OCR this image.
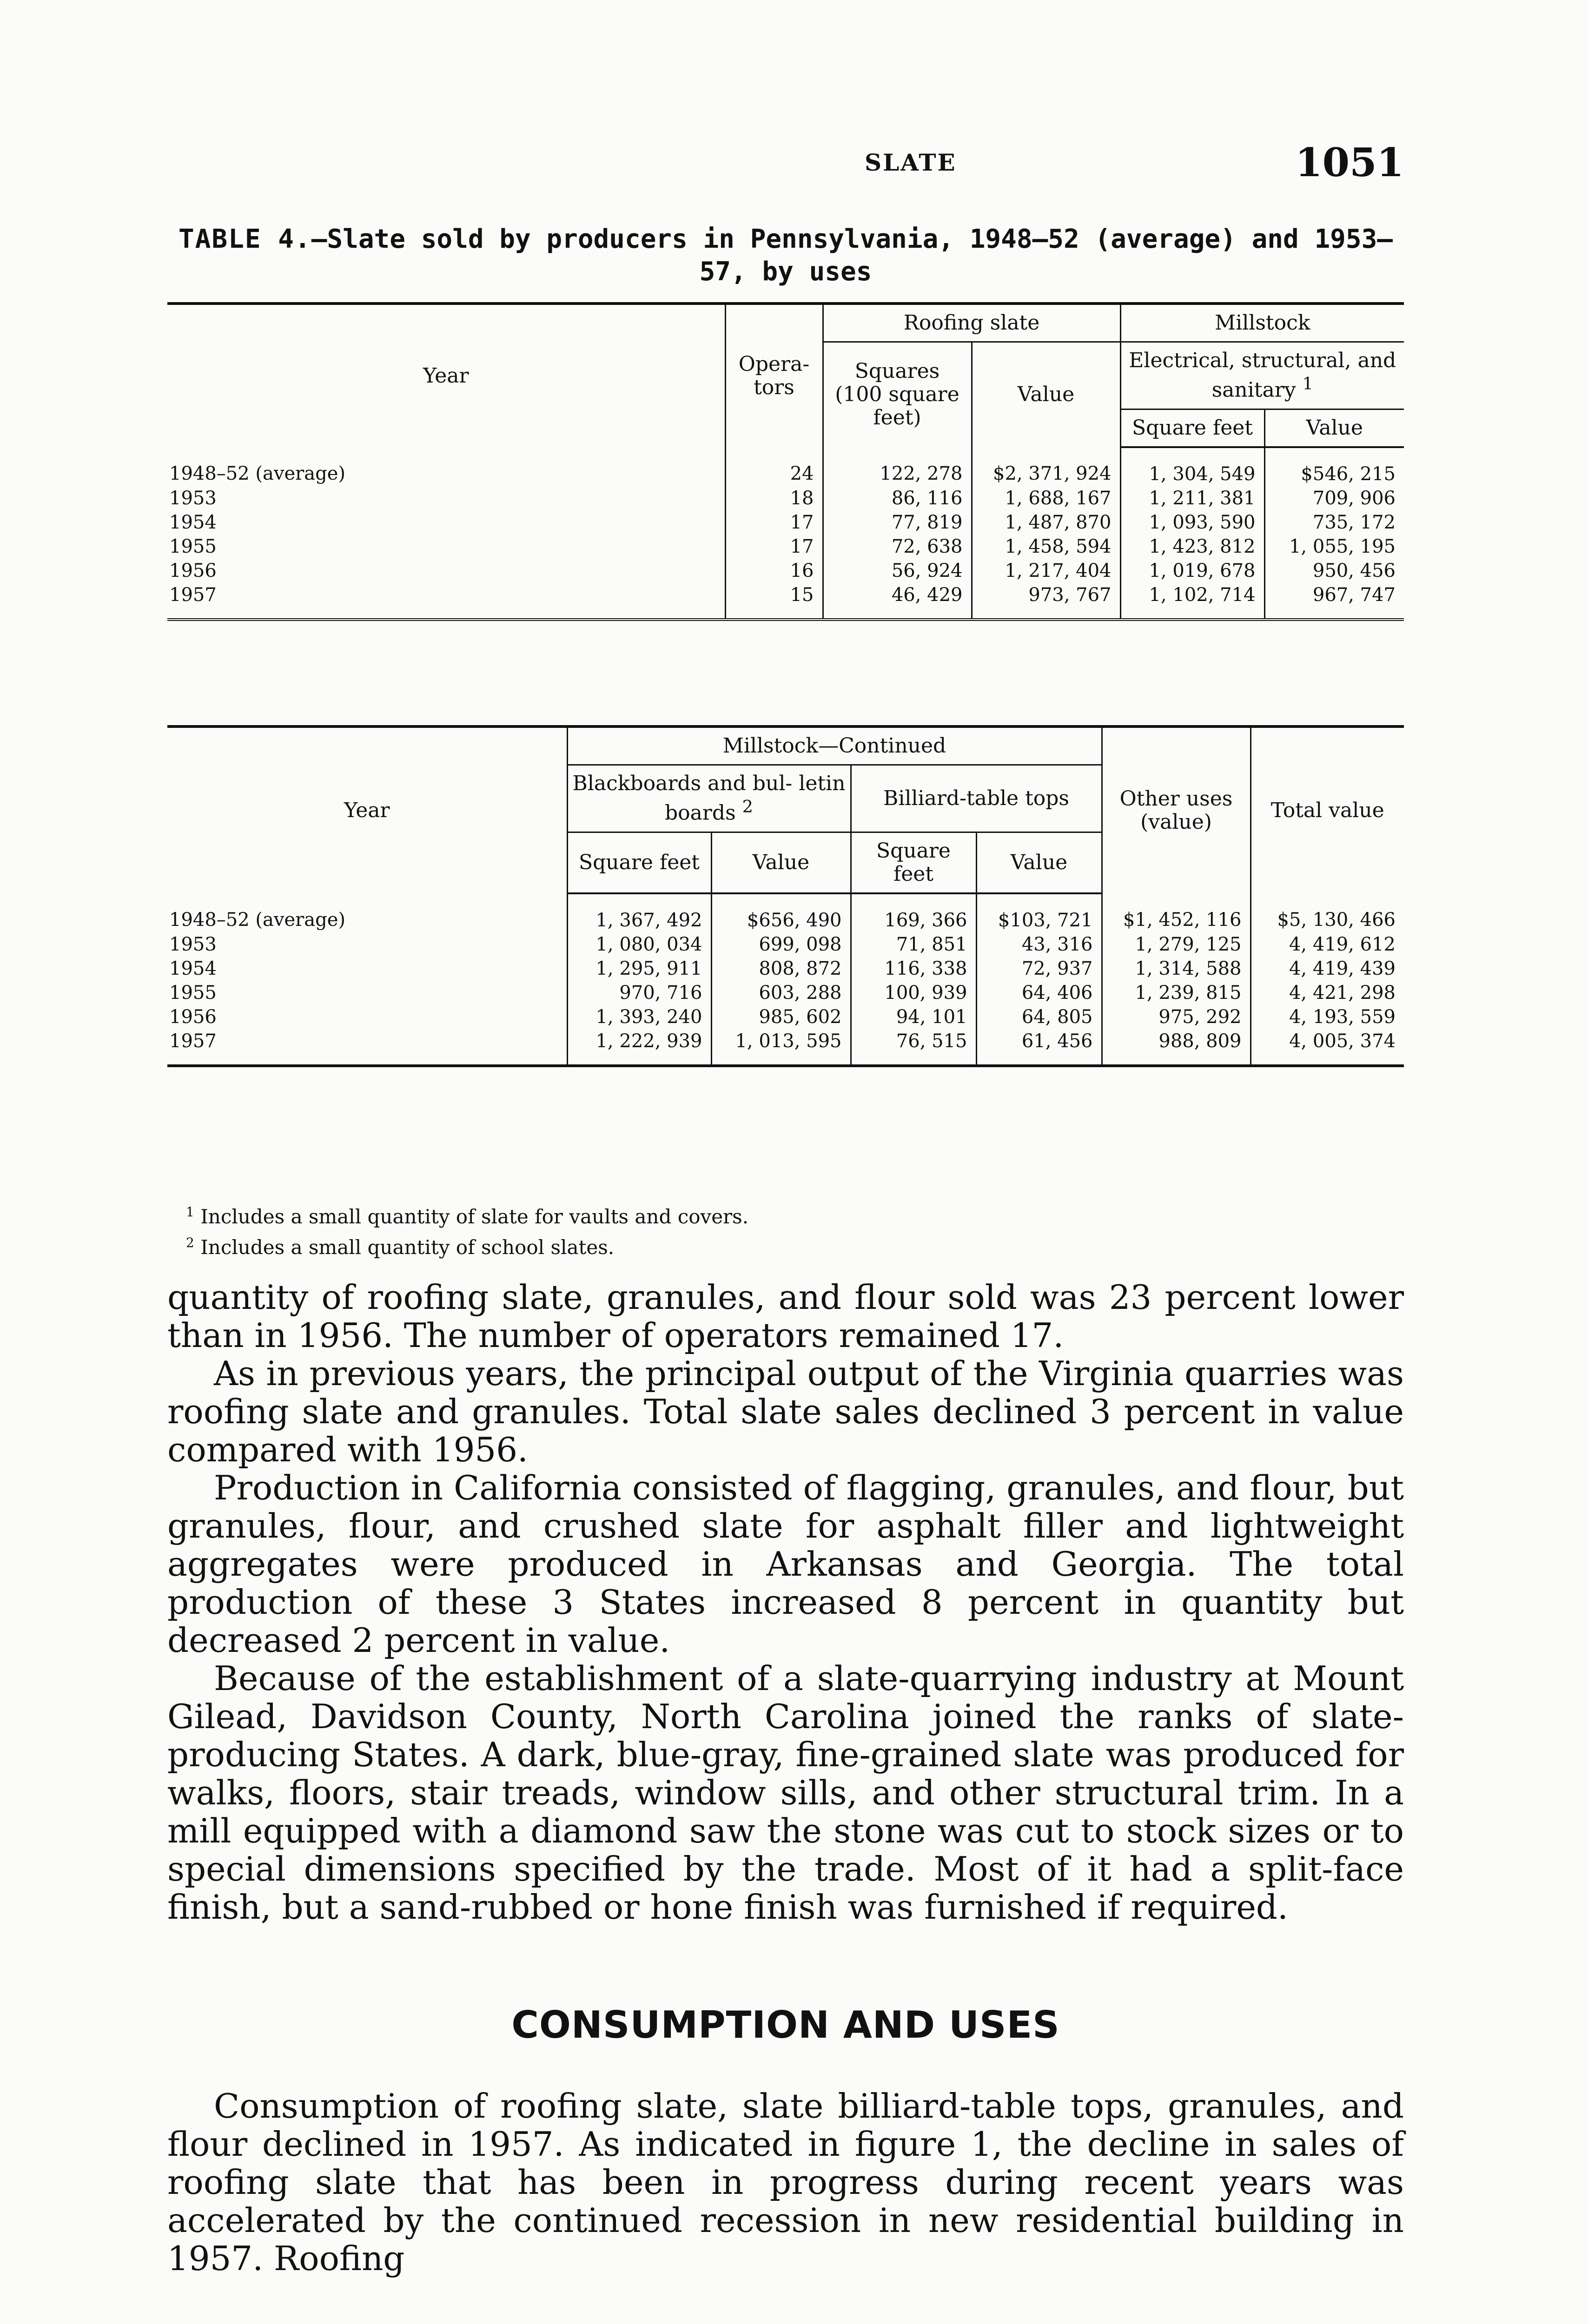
SLATE	1051
TABLE 4.—Slate sold by producers in Pennsylvania, 1948–52 (average) and 1953–57, by uses
Year	Opera- tors	Roofing slate		Millstock	
		Squares (100 square feet)	Value	Electrical, structural, and sanitary $^1$
				Square feet	Value
1948–52 (average)	24	122, 278	$2, 371, 924	1, 304, 549	$546, 215
1953	18	86, 116	1, 688, 167	1, 211, 381	709, 906
1954	17	77, 819	1, 487, 870	1, 093, 590	735, 172
1955	17	72, 638	1, 458, 594	1, 423, 812	1, 055, 195
1956	16	56, 924	1, 217, 404	1, 019, 678	950, 456
1957	15	46, 429	973, 767	1, 102, 714	967, 747
Year	Millstock—Continued				Other uses (value)	Total value
	Blackboards and bul- letin boards $^2$		Billiard-table tops			
	Square feet	Value	Square feet	Value		
1948–52 (average)	1, 367, 492	$656, 490	169, 366	$103, 721	$1, 452, 116	$5, 130, 466
1953	1, 080, 034	699, 098	71, 851	43, 316	1, 279, 125	4, 419, 612
1954	1, 295, 911	808, 872	116, 338	72, 937	1, 314, 588	4, 419, 439
1955	970, 716	603, 288	100, 939	64, 406	1, 239, 815	4, 421, 298
1956	1, 393, 240	985, 602	94, 101	64, 805	975, 292	4, 193, 559
1957	1, 222, 939	1, 013, 595	76, 515	61, 456	988, 809	4, 005, 374
$^1$ Includes a small quantity of slate for vaults and covers.
$^2$ Includes a small quantity of school slates.

quantity of roofing slate, granules, and flour sold was 23 percent lower than in 1956. The number of operators remained 17.

As in previous years, the principal output of the Virginia quarries was roofing slate and granules. Total slate sales declined 3 percent in value compared with 1956.

Production in California consisted of flagging, granules, and flour, but granules, flour, and crushed slate for asphalt filler and lightweight aggregates were produced in Arkansas and Georgia. The total production of these 3 States increased 8 percent in quantity but decreased 2 percent in value.

Because of the establishment of a slate-quarrying industry at Mount Gilead, Davidson County, North Carolina joined the ranks of slate-producing States. A dark, blue-gray, fine-grained slate was produced for walks, floors, stair treads, window sills, and other structural trim. In a mill equipped with a diamond saw the stone was cut to stock sizes or to special dimensions specified by the trade. Most of it had a split-face finish, but a sand-rubbed or hone finish was furnished if required.

CONSUMPTION AND USES

Consumption of roofing slate, slate billiard-table tops, granules, and flour declined in 1957. As indicated in figure 1, the decline in sales of roofing slate that has been in progress during recent years was accelerated by the continued recession in new residential building in 1957. Roofing
